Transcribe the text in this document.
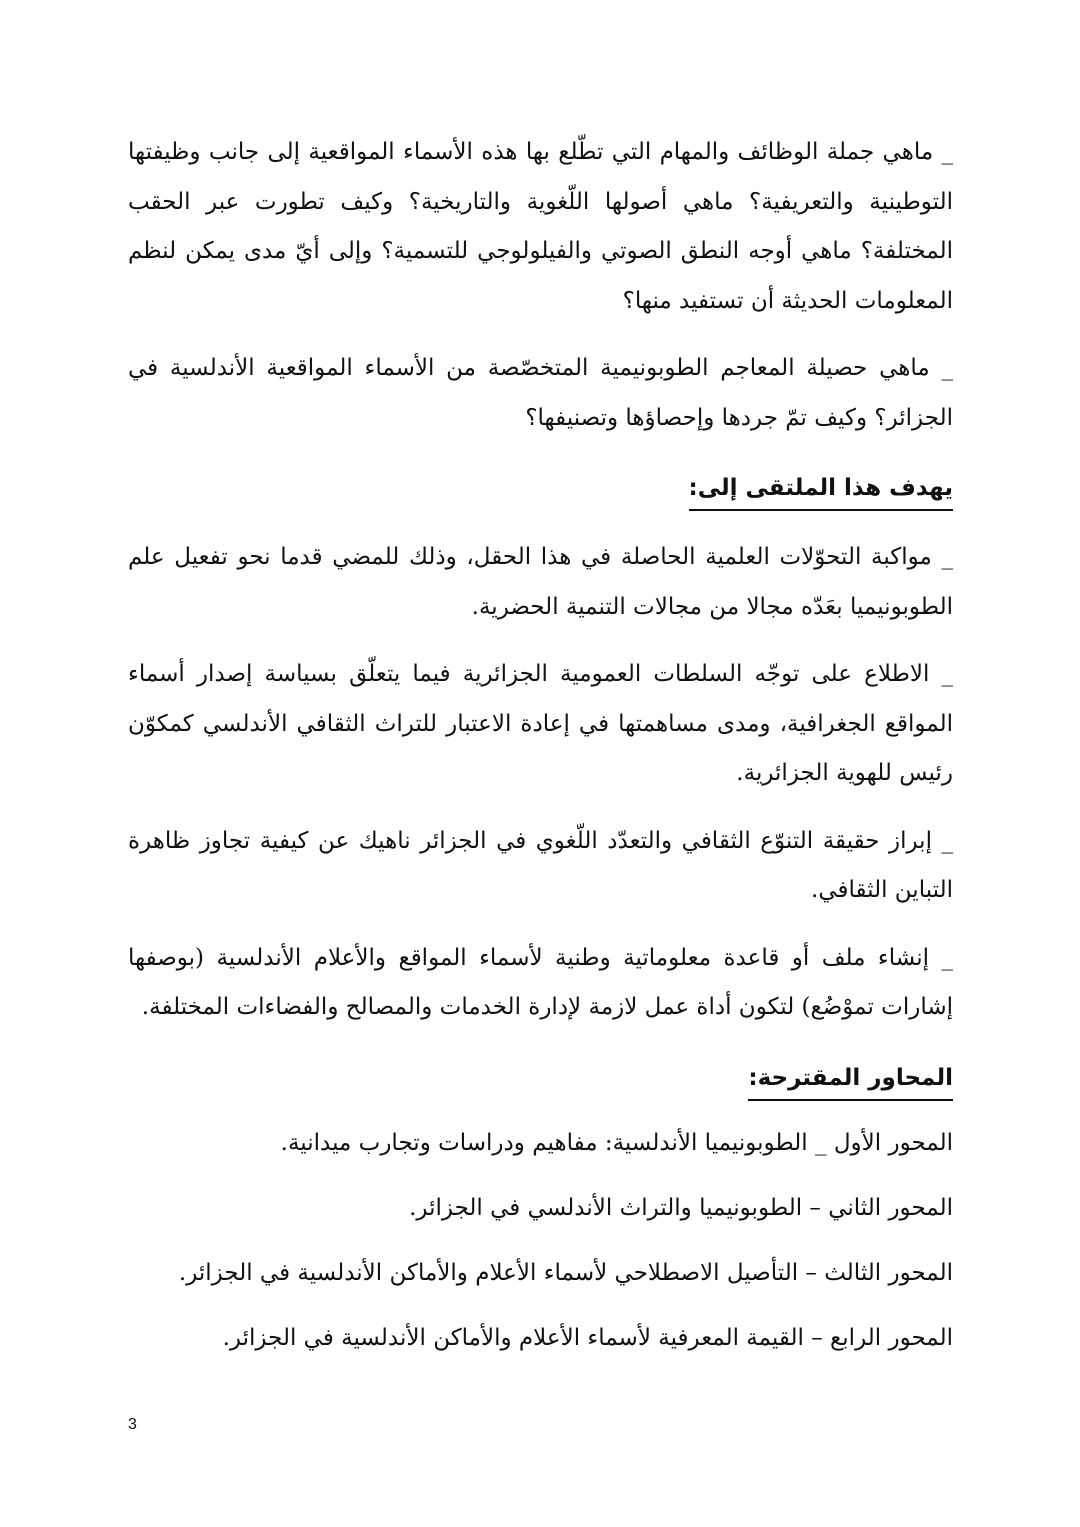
_ ماهي جملة الوظائف والمهام التي تطّلع بها هذه الأسماء المواقعية إلى جانب وظيفتها التوطينية والتعريفية؟ ماهي أصولها اللّغوية والتاريخية؟ وكيف تطورت عبر الحقب المختلفة؟ ماهي أوجه النطق الصوتي والفيلولوجي للتسمية؟ وإلى أيّ مدى يمكن لنظم المعلومات الحديثة أن تستفيد منها؟

_ ماهي حصيلة المعاجم الطوبونيمية المتخصّصة من الأسماء المواقعية الأندلسية في الجزائر؟ وكيف تمّ جردها وإحصاؤها وتصنيفها؟

يهدف هذا الملتقى إلى:

_ مواكبة التحوّلات العلمية الحاصلة في هذا الحقل، وذلك للمضي قدما نحو تفعيل علم الطوبونيميا بعَدّه مجالا من مجالات التنمية الحضرية.

_ الاطلاع على توجّه السلطات العمومية الجزائرية فيما يتعلّق بسياسة إصدار أسماء المواقع الجغرافية، ومدى مساهمتها في إعادة الاعتبار للتراث الثقافي الأندلسي كمكوّن رئيس للهوية الجزائرية.

_ إبراز حقيقة التنوّع الثقافي والتعدّد اللّغوي في الجزائر ناهيك عن كيفية تجاوز ظاهرة التباين الثقافي.

_ إنشاء ملف أو قاعدة معلوماتية وطنية لأسماء المواقع والأعلام الأندلسية (بوصفها إشارات تموْضُع) لتكون أداة عمل لازمة لإدارة الخدمات والمصالح والفضاءات المختلفة.

المحاور المقترحة:

المحور الأول _ الطوبونيميا الأندلسية: مفاهيم ودراسات وتجارب ميدانية.

المحور الثاني – الطوبونيميا والتراث الأندلسي في الجزائر.

المحور الثالث – التأصيل الاصطلاحي لأسماء الأعلام والأماكن الأندلسية في الجزائر.

المحور الرابع – القيمة المعرفية لأسماء الأعلام والأماكن الأندلسية في الجزائر.

3
